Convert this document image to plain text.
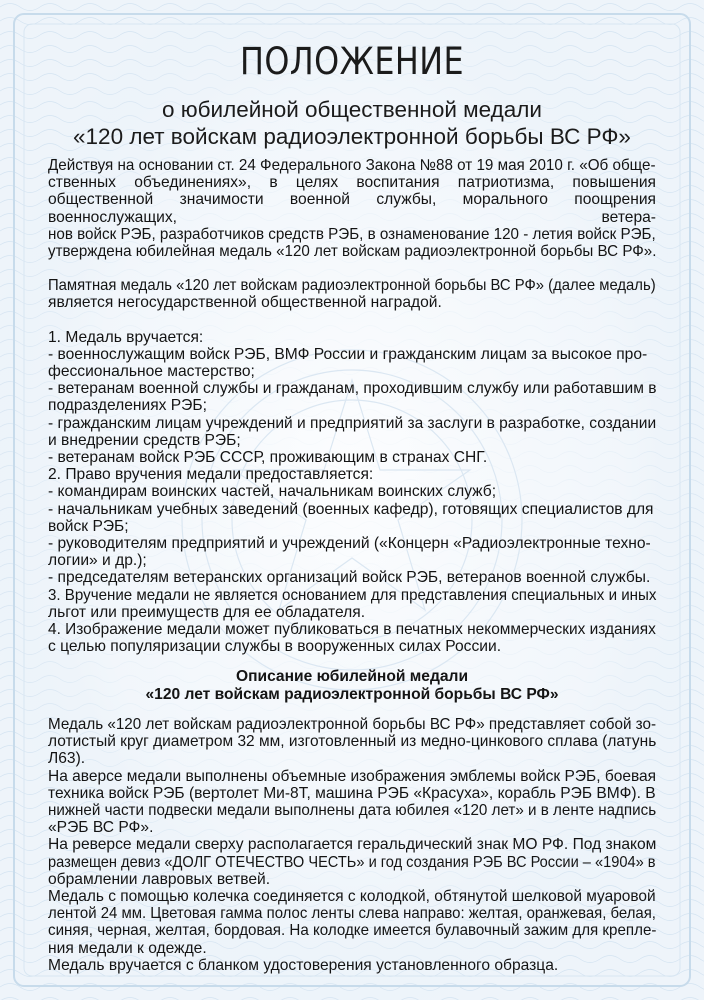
ПОЛОЖЕНИЕ
о юбилейной общественной медали
«120 лет войскам радиоэлектронной борьбы ВС РФ»
Действуя на основании ст. 24 Федерального Закона №88 от 19 мая 2010 г. «Об обще-
ственных объединениях», в целях воспитания патриотизма, повышения общественной значимости военной службы, морального поощрения военнослужащих, ветера-
нов войск РЭБ, разработчиков средств РЭБ, в ознаменование 120 - летия войск РЭБ,
утверждена юбилейная медаль «120 лет войскам радиоэлектронной борьбы ВС РФ».
Памятная медаль «120 лет войскам радиоэлектронной борьбы ВС РФ» (далее медаль)
является негосударственной общественной наградой.
1. Медаль вручается:
- военнослужащим войск РЭБ, ВМФ России и гражданским лицам за высокое про-
фессиональное мастерство;
- ветеранам военной службы и гражданам, проходившим службу или работавшим в
подразделениях РЭБ;
- гражданским лицам учреждений и предприятий за заслуги в разработке, создании
и внедрении средств РЭБ;
- ветеранам войск РЭБ СССР, проживающим в странах СНГ.
2. Право вручения медали предоставляется:
- командирам воинских частей, начальникам воинских служб;
- начальникам учебных заведений (военных кафедр), готовящих специалистов для
войск РЭБ;
- руководителям предприятий и учреждений («Концерн «Радиоэлектронные техно-
логии» и др.);
- председателям ветеранских организаций войск РЭБ, ветеранов военной службы.
3. Вручение медали не является основанием для представления специальных и иных
льгот или преимуществ для ее обладателя.
4. Изображение медали может публиковаться в печатных некоммерческих изданиях
с целью популяризации службы в вооруженных силах России.
Описание юбилейной медали
«120 лет войскам радиоэлектронной борьбы ВС РФ»
Медаль «120 лет войскам радиоэлектронной борьбы ВС РФ» представляет собой зо-
лотистый круг диаметром 32 мм, изготовленный из медно-цинкового сплава (латунь
Л63).
На аверсе медали выполнены объемные изображения эмблемы войск РЭБ, боевая
техника войск РЭБ (вертолет Ми-8Т, машина РЭБ «Красуха», корабль РЭБ ВМФ). В
нижней части подвески медали выполнены дата юбилея «120 лет» и в ленте надпись
«РЭБ ВС РФ».
На реверсе медали сверху располагается геральдический знак МО РФ. Под знаком
размещен девиз «ДОЛГ ОТЕЧЕСТВО ЧЕСТЬ» и год создания РЭБ ВС России – «1904» в
обрамлении лавровых ветвей.
Медаль с помощью колечка соединяется с колодкой, обтянутой шелковой муаровой
лентой 24 мм. Цветовая гамма полос ленты слева направо: желтая, оранжевая, белая,
синяя, черная, желтая, бордовая. На колодке имеется булавочный зажим для крепле-
ния медали к одежде.
Медаль вручается с бланком удостоверения установленного образца.
